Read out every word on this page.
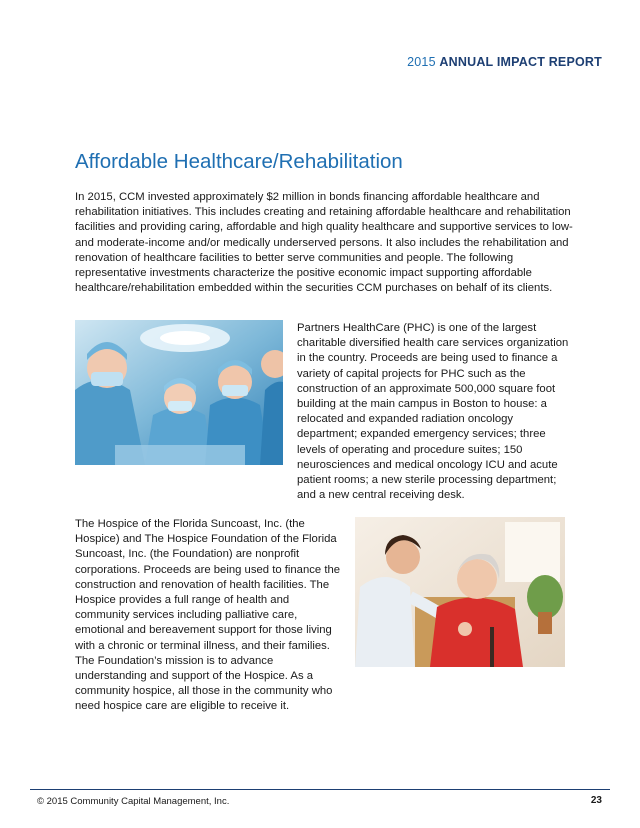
2015 ANNUAL IMPACT REPORT
Affordable Healthcare/Rehabilitation

In 2015, CCM invested approximately $2 million in bonds financing affordable healthcare and rehabilitation initiatives. This includes creating and retaining affordable healthcare and rehabilitation facilities and providing caring, affordable and high quality healthcare and supportive services to low- and moderate-income and/or medically underserved persons. It also includes the rehabilitation and renovation of healthcare facilities to better serve communities and people. The following representative investments characterize the positive economic impact supporting affordable healthcare/rehabilitation embedded within the securities CCM purchases on behalf of its clients.

Partners HealthCare (PHC) is one of the largest charitable diversified health care services organization in the country. Proceeds are being used to finance a variety of capital projects for PHC such as the construction of an approximate 500,000 square foot building at the main campus in Boston to house: a relocated and expanded radiation oncology department; expanded emergency services; three levels of operating and procedure suites; 150 neurosciences and medical oncology ICU and acute patient rooms; a new sterile processing department; and a new central receiving desk.

The Hospice of the Florida Suncoast, Inc. (the Hospice) and The Hospice Foundation of the Florida Suncoast, Inc. (the Foundation) are nonprofit corporations. Proceeds are being used to finance the construction and renovation of health facilities. The Hospice provides a full range of health and community services including palliative care, emotional and bereavement support for those living with a chronic or terminal illness, and their families. The Foundation’s mission is to advance understanding and support of the Hospice. As a community hospice, all those in the community who need hospice care are eligible to receive it.

© 2015 Community Capital Management, Inc.	23
